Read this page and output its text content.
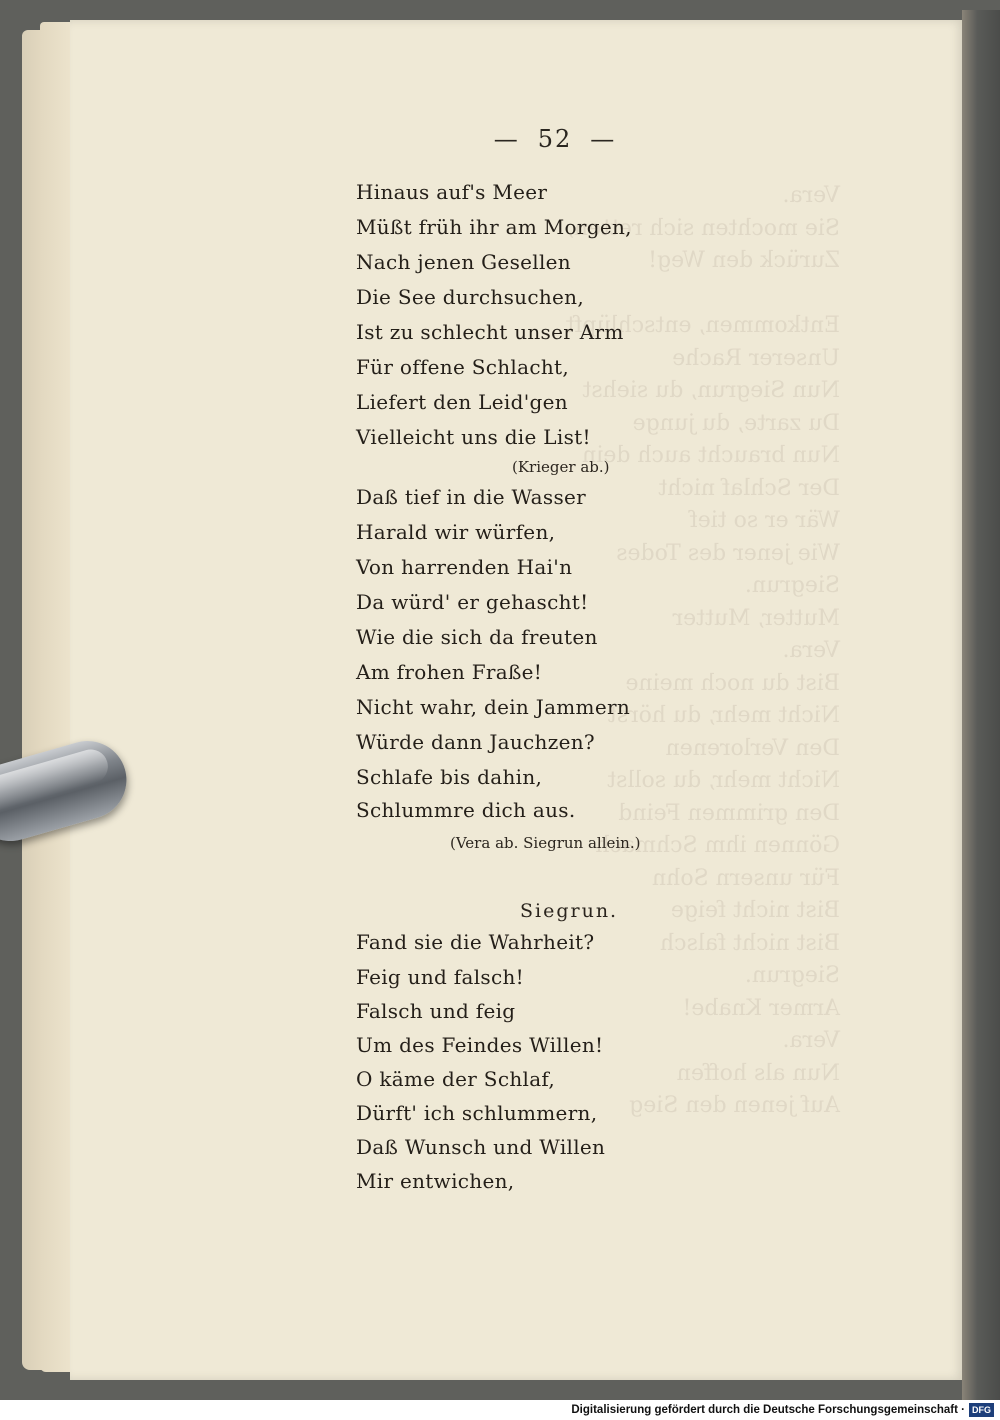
Vera.
Sie mochten sich retten,
Zurück den Weg!

Entkommen, entschlüpft
Unserer Rache
Nun Siegrun, du siehst
Du zarte, du junge
Nun braucht auch dein
Der Schlaf nicht
Wär er so tief
Wie jener des Todes
Siegrun.
Mutter, Mutter
Vera.
Bist du noch meine
Nicht mehr, du hörst
Den Verlorenen
Nicht mehr, du sollst
Den grimmen Feind
Gönnen ihm Schmach
Für unsern Sohn
Bist nicht feige
Bist nicht falsch
Siegrun.
Armer Knabe!
Vera.
Nun als hoffen
Auf jenen den Sieg
— 52 —
Hinaus auf's Meer
Müßt früh ihr am Morgen,
Nach jenen Gesellen
Die See durchsuchen,
Ist zu schlecht unser Arm
Für offene Schlacht,
Liefert den Leid'gen
Vielleicht uns die List!
(Krieger ab.)
Daß tief in die Wasser
Harald wir würfen,
Von harrenden Hai'n
Da würd' er gehascht!
Wie die sich da freuten
Am frohen Fraße!
Nicht wahr, dein Jammern
Würde dann Jauchzen?
Schlafe bis dahin,
Schlummre dich aus.
(Vera ab. Siegrun allein.)
Siegrun.
Fand sie die Wahrheit?
Feig und falsch!
Falsch und feig
Um des Feindes Willen!
O käme der Schlaf,
Dürft' ich schlummern,
Daß Wunsch und Willen
Mir entwichen,
Digitalisierung gefördert durch die Deutsche Forschungsgemeinschaft · DFG
